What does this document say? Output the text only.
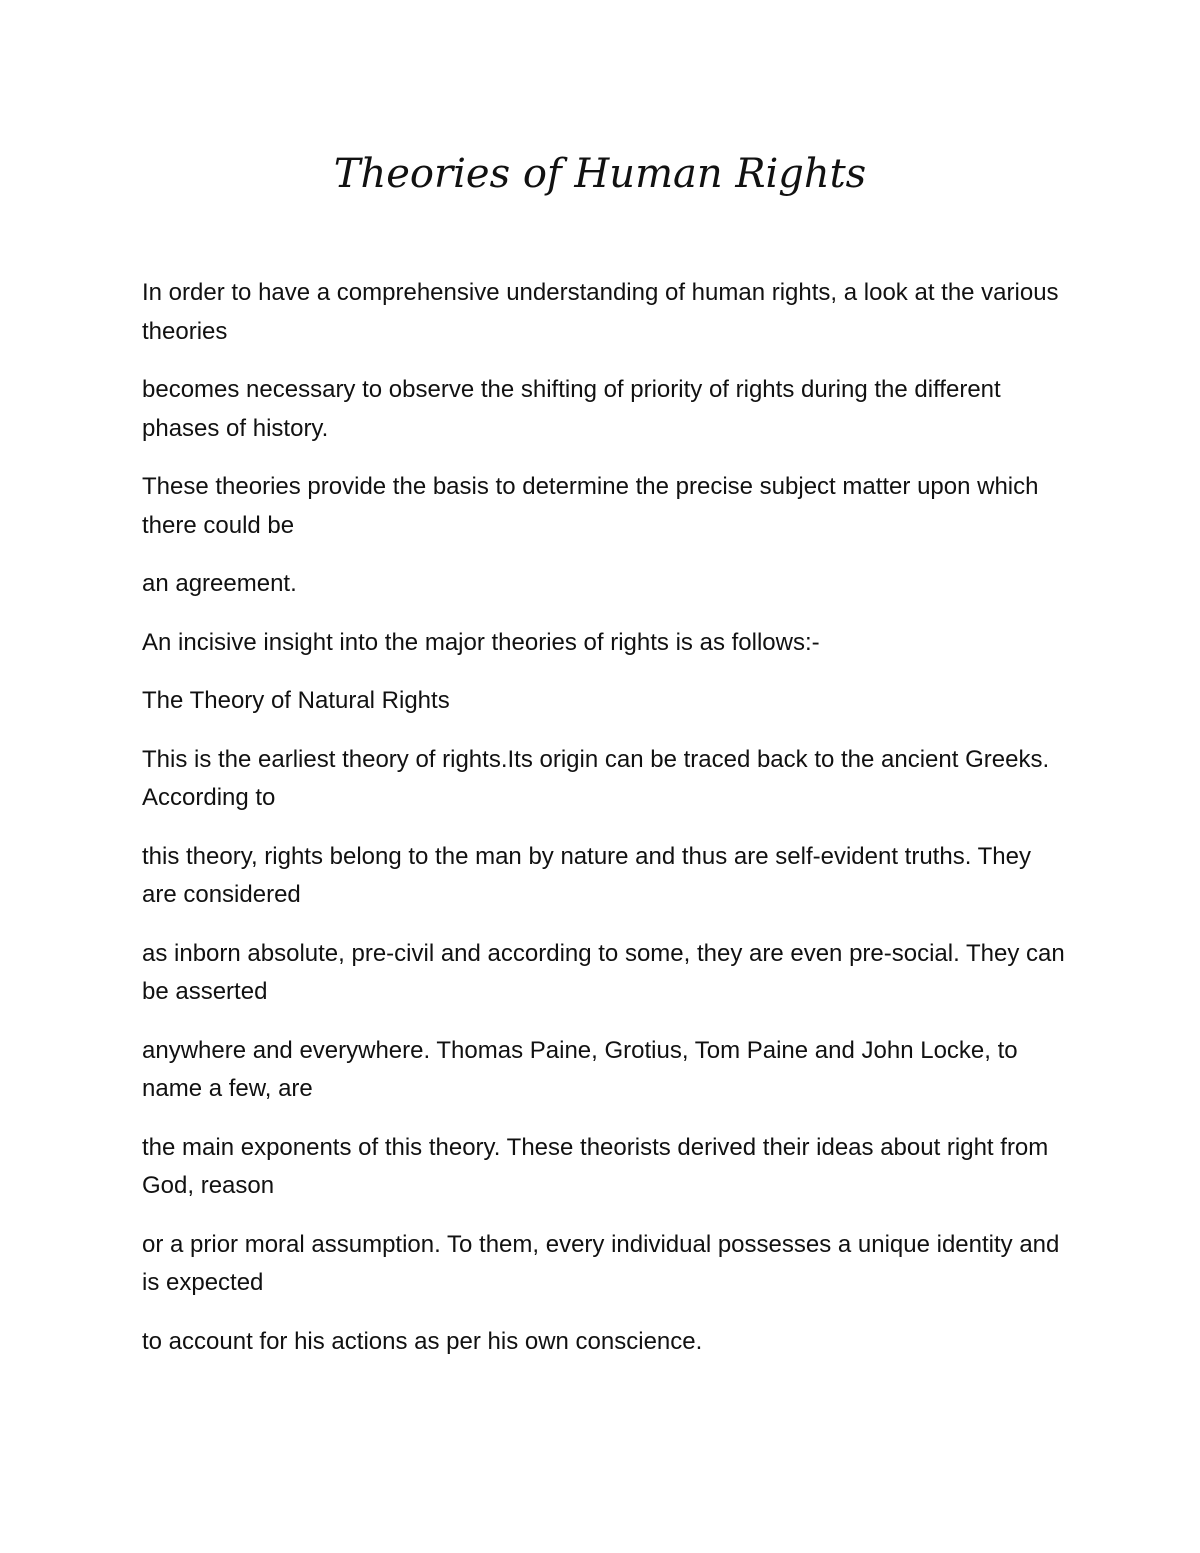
Theories of Human Rights

In order to have a comprehensive understanding of human rights, a look at the various theories

becomes necessary to observe the shifting of priority of rights during the different phases of history.

These theories provide the basis to determine the precise subject matter upon which there could be

an agreement.

An incisive insight into the major theories of rights is as follows:-

The Theory of Natural Rights

This is the earliest theory of rights.Its origin can be traced back to the ancient Greeks. According to

this theory, rights belong to the man by nature and thus are self-evident truths. They are considered

as inborn absolute, pre-civil and according to some, they are even pre-social. They can be asserted

anywhere and everywhere. Thomas Paine, Grotius, Tom Paine and John Locke, to name a few, are

the main exponents of this theory. These theorists derived their ideas about right from God, reason

or a prior moral assumption. To them, every individual possesses a unique identity and is expected

to account for his actions as per his own conscience.
